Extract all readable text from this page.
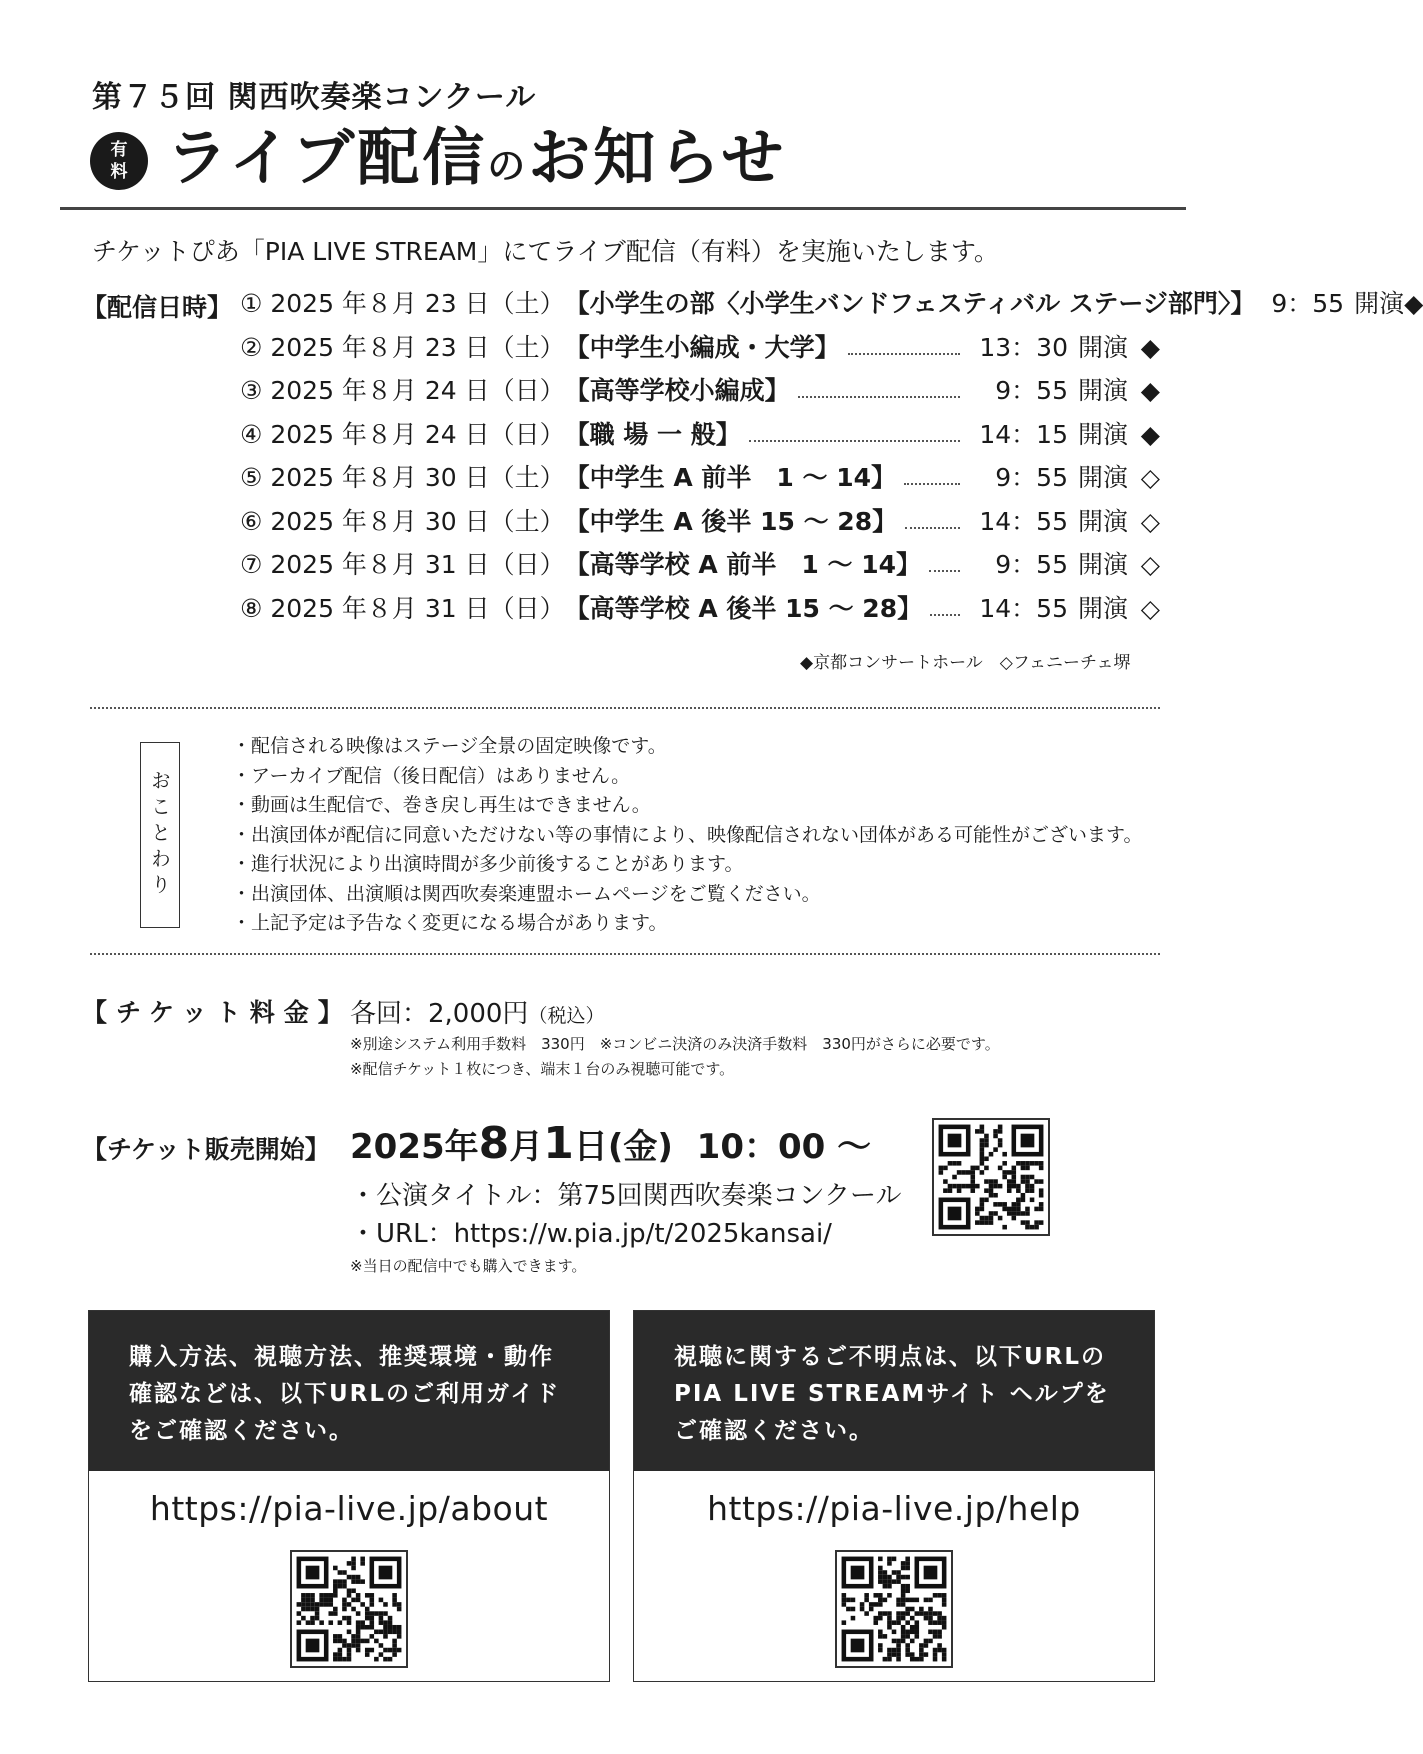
第７５回 関西吹奏楽コンクール
有
料 ライブ配信のお知らせ
チケットぴあ「PIA LIVE STREAM」にてライブ配信（有料）を実施いたします。
【配信日時】 ① 2025 年８月 23 日（土） 【小学生の部〈小学生バンドフェスティバル ステージ部門〉】 9：55 開演 ◆
② 2025 年８月 23 日（土） 【中学生小編成・大学】	13：30 開演 ◆
③ 2025 年８月 24 日（日） 【高等学校小編成】	9：55 開演 ◆
④ 2025 年８月 24 日（日） 【職 場 一 般】	14：15 開演 ◆
⑤ 2025 年８月 30 日（土） 【中学生 A 前半　1 ～ 14】	9：55 開演 ◇
⑥ 2025 年８月 30 日（土） 【中学生 A 後半 15 ～ 28】	14：55 開演 ◇
⑦ 2025 年８月 31 日（日） 【高等学校 A 前半　1 ～ 14】	9：55 開演 ◇
⑧ 2025 年８月 31 日（日） 【高等学校 A 後半 15 ～ 28】	14：55 開演 ◇
◆京都コンサートホール　◇フェニーチェ堺
おことわり
・ 配信される映像はステージ全景の固定映像です。
・ アーカイブ配信（後日配信）はありません。
・ 動画は生配信で、巻き戻し再生はできません。
・ 出演団体が配信に同意いただけない等の事情により、映像配信されない団体がある可能性がございます。
・ 進行状況により出演時間が多少前後することがあります。
・ 出演団体、出演順は関西吹奏楽連盟ホームページをご覧ください。
・ 上記予定は予告なく変更になる場合があります。
【チケット料金】
各回：2,000円（税込）
※別途システム利用手数料　330円　※コンビニ決済のみ決済手数料　330円がさらに必要です。
※配信チケット１枚につき、端末１台のみ視聴可能です。
【チケット販売開始】 2025年8月1日(金) 10：00 ～
・公演タイトル：第75回関西吹奏楽コンクール
・URL：https://w.pia.jp/t/2025kansai/
※当日の配信中でも購入できます。
購入方法、視聴方法、推奨環境・動作確認などは、以下URLのご利用ガイドをご確認ください。
https://pia-live.jp/about
視聴に関するご不明点は、以下URLのPIA LIVE STREAMサイト ヘルプをご確認ください。
https://pia-live.jp/help
